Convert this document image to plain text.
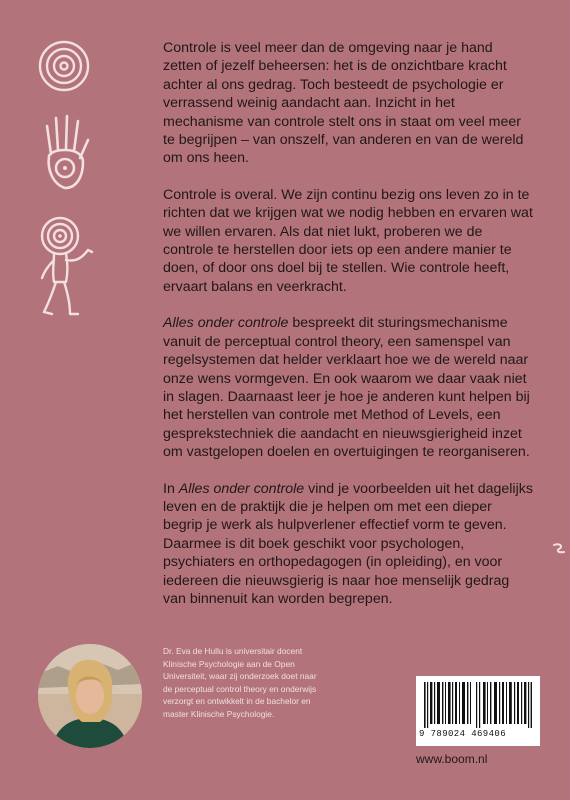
Controle is veel meer dan de omgeving naar je hand zetten of jezelf beheersen: het is de onzichtbare kracht achter al ons gedrag. Toch besteedt de psychologie er verrassend weinig aandacht aan. Inzicht in het mechanisme van controle stelt ons in staat om veel meer te begrijpen – van onszelf, van anderen en van de wereld om ons heen.

Controle is overal. We zijn continu bezig ons leven zo in te richten dat we krijgen wat we nodig hebben en ervaren wat we willen ervaren. Als dat niet lukt, proberen we de controle te herstellen door iets op een andere manier te doen, of door ons doel bij te stellen. Wie controle heeft, ervaart balans en veerkracht.

Alles onder controle bespreekt dit sturingsmechanisme vanuit de perceptual control theory, een samenspel van regelsystemen dat helder verklaart hoe we de wereld naar onze wens vormgeven. En ook waarom we daar vaak niet in slagen. Daarnaast leer je hoe je anderen kunt helpen bij het herstellen van controle met Method of Levels, een gesprekstechniek die aandacht en nieuwsgierigheid inzet om vastgelopen doelen en overtuigingen te reorganiseren.

In Alles onder controle vind je voorbeelden uit het dagelijks leven en de praktijk die je helpen om met een dieper begrip je werk als hulpverlener effectief vorm te geven. Daarmee is dit boek geschikt voor psychologen, psychiaters en orthopedagogen (in opleiding), en voor iedereen die nieuwsgierig is naar hoe menselijk gedrag van binnenuit kan worden begrepen.

Dr. Eva de Hullu is universitair docent Klinische Psychologie aan de Open Universiteit, waar zij onderzoek doet naar de perceptual control theory en onderwijs verzorgt en ontwikkelt in de bachelor en master Klinische Psychologie.
9 789024 469406
www.boom.nl
